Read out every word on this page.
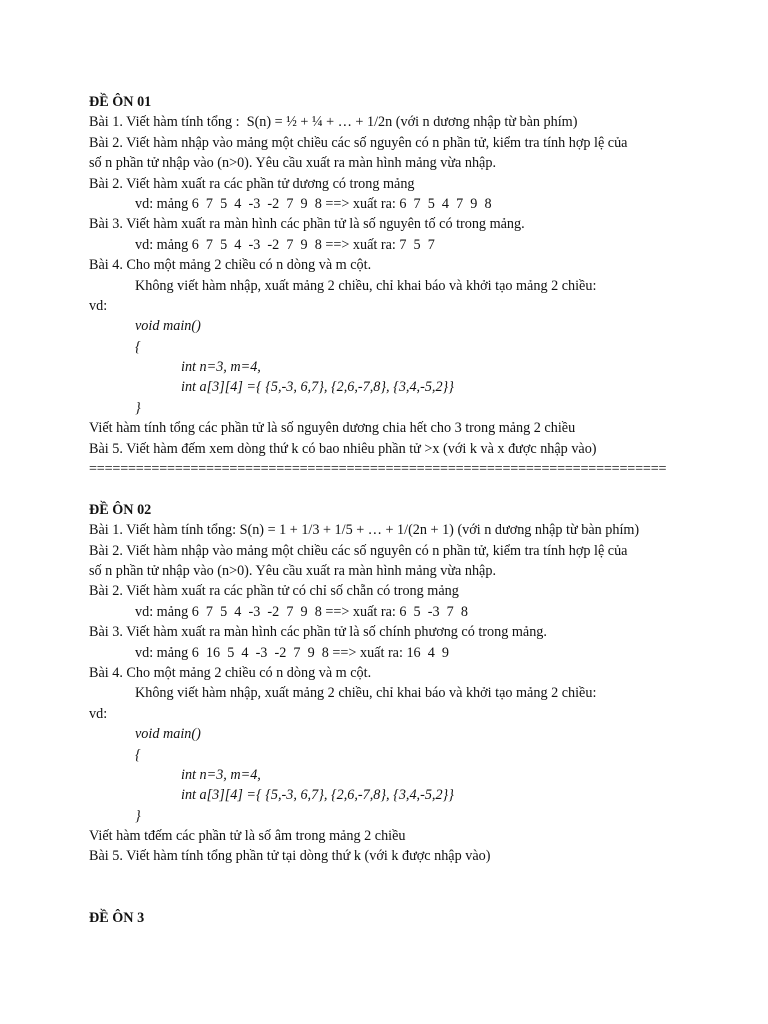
ĐỀ ÔN 01
Bài 1. Viết hàm tính tổng :  S(n) = ½ + ¼ + … + 1/2n (với n dương nhập từ bàn phím)
Bài 2. Viết hàm nhập vào mảng một chiều các số nguyên có n phần tử, kiểm tra tính hợp lệ của
số n phần tử nhập vào (n>0). Yêu cầu xuất ra màn hình mảng vừa nhập.
Bài 2. Viết hàm xuất ra các phần tử dương có trong mảng
vd: mảng 6  7  5  4  -3  -2  7  9  8 ==> xuất ra: 6  7  5  4  7  9  8
Bài 3. Viết hàm xuất ra màn hình các phần tử là số nguyên tố có trong mảng.
vd: mảng 6  7  5  4  -3  -2  7  9  8 ==> xuất ra: 7  5  7
Bài 4. Cho một mảng 2 chiều có n dòng và m cột.
Không viết hàm nhập, xuất mảng 2 chiều, chỉ khai báo và khởi tạo mảng 2 chiều:
vd:
void main()
{
int n=3, m=4,
int a[3][4] ={ {5,-3, 6,7}, {2,6,-7,8}, {3,4,-5,2}}
}
Viết hàm tính tổng các phần tử là số nguyên dương chia hết cho 3 trong mảng 2 chiều
Bài 5. Viết hàm đếm xem dòng thứ k có bao nhiêu phần tử >x (với k và x được nhập vào)
==========================================================================
ĐỀ ÔN 02
Bài 1. Viết hàm tính tổng: S(n) = 1 + 1/3 + 1/5 + … + 1/(2n + 1) (với n dương nhập từ bàn phím)
Bài 2. Viết hàm nhập vào mảng một chiều các số nguyên có n phần tử, kiểm tra tính hợp lệ của
số n phần tử nhập vào (n>0). Yêu cầu xuất ra màn hình mảng vừa nhập.
Bài 2. Viết hàm xuất ra các phần tử có chỉ số chẵn có trong mảng
vd: mảng 6  7  5  4  -3  -2  7  9  8 ==> xuất ra: 6  5  -3  7  8
Bài 3. Viết hàm xuất ra màn hình các phần tử là số chính phương có trong mảng.
vd: mảng 6  16  5  4  -3  -2  7  9  8 ==> xuất ra: 16  4  9
Bài 4. Cho một mảng 2 chiều có n dòng và m cột.
Không viết hàm nhập, xuất mảng 2 chiều, chỉ khai báo và khởi tạo mảng 2 chiều:
vd:
void main()
{
int n=3, m=4,
int a[3][4] ={ {5,-3, 6,7}, {2,6,-7,8}, {3,4,-5,2}}
}
Viết hàm tđếm các phần tử là số âm trong mảng 2 chiều
Bài 5. Viết hàm tính tổng phần tử tại dòng thứ k (với k được nhập vào)
ĐỀ ÔN 3
